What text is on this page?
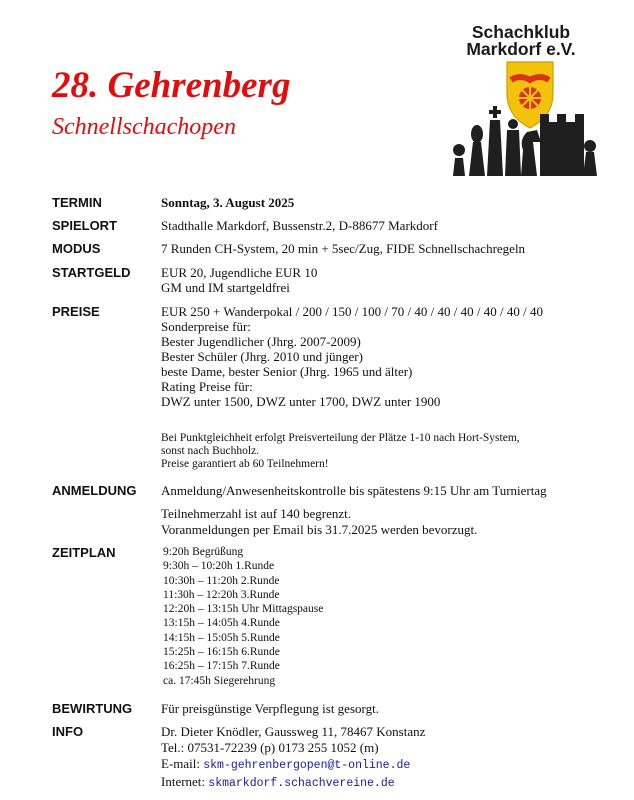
28. Gehrenberg
Schnellschachopen
Schachklub
Markdorf e.V.
TERMIN	Sonntag, 3. August 2025
SPIELORT	Stadthalle Markdorf, Bussenstr.2, D-88677 Markdorf
MODUS	7 Runden CH-System, 20 min + 5sec/Zug, FIDE Schnellschachregeln
STARTGELD EUR 20, Jugendliche EUR 10
GM und IM startgeldfrei
PREISE	EUR 250 + Wanderpokal / 200 / 150 / 100 / 70 / 40 / 40 / 40 / 40 / 40 / 40
Sonderpreise für:
Bester Jugendlicher (Jhrg. 2007-2009)
Bester Schüler (Jhrg. 2010 und jünger)
beste Dame, bester Senior (Jhrg. 1965 und älter)
Rating Preise für:
DWZ unter 1500, DWZ unter 1700, DWZ unter 1900
Bei Punktgleichheit erfolgt Preisverteilung der Plätze 1-10 nach Hort-System,
sonst nach Buchholz.
Preise garantiert ab 60 Teilnehmern!
ANMELDUNG Anmeldung/Anwesenheitskontrolle bis spätestens 9:15 Uhr am Turniertag
Teilnehmerzahl ist auf 140 begrenzt.
Voranmeldungen per Email bis 31.7.2025 werden bevorzugt.
ZEITPLAN	9:20h Begrüßung
9:30h – 10:20h 1.Runde
10:30h – 11:20h 2.Runde
11:30h – 12:20h 3.Runde
12:20h – 13:15h Uhr Mittagspause
13:15h – 14:05h 4.Runde
14:15h – 15:05h 5.Runde
15:25h – 16:15h 6.Runde
16:25h – 17:15h 7.Runde
ca. 17:45h Siegerehrung
BEWIRTUNG Für preisgünstige Verpflegung ist gesorgt.
INFO	Dr. Dieter Knödler, Gaussweg 11, 78467 Konstanz
Tel.: 07531-72239 (p) 0173 255 1052 (m)
E-mail: skm-gehrenbergopen@t-online.de
Internet: skmarkdorf.schachvereine.de
